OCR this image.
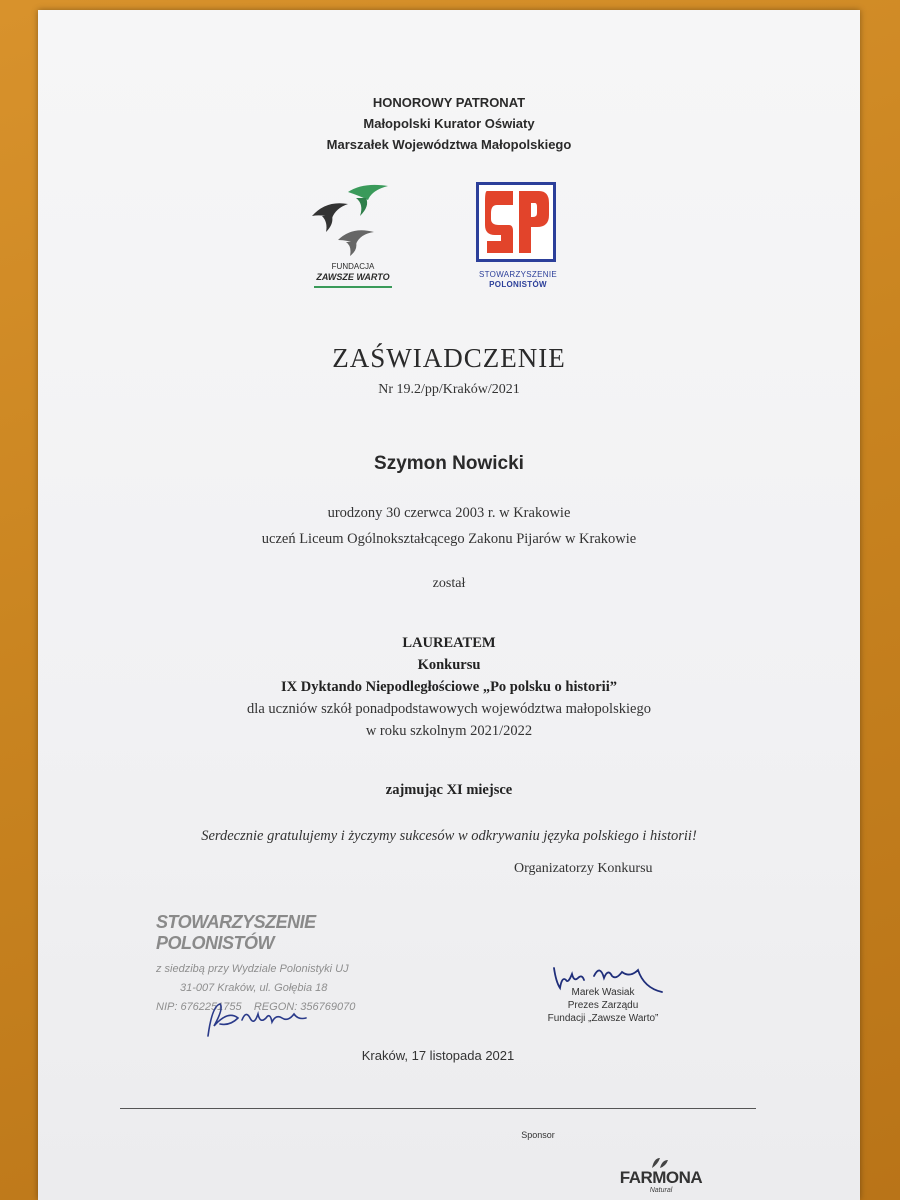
HONOROWY PATRONAT
Małopolski Kurator Oświaty
Marszałek Województwa Małopolskiego
FUNDACJA
ZAWSZE WARTO	STOWARZYSZENIE
POLONISTÓW
ZAŚWIADCZENIE
Nr 19.2/pp/Kraków/2021
Szymon Nowicki
urodzony 30 czerwca 2003 r. w Krakowie
uczeń Liceum Ogólnokształcącego Zakonu Pijarów w Krakowie
został
LAUREATEM
Konkursu
IX Dyktando Niepodległościowe „Po polsku o historii”
dla uczniów szkół ponadpodstawowych województwa małopolskiego
w roku szkolnym 2021/2022
zajmując XI miejsce
Serdecznie gratulujemy i życzymy sukcesów w odkrywaniu języka polskiego i historii!
Organizatorzy Konkursu
STOWARZYSZENIE POLONISTÓW
z siedzibą przy Wydziale Polonistyki UJ
31-007 Kraków, ul. Gołębia 18
NIP: 6762251755    REGON: 356769070
Marek Wasiak
Prezes Zarządu
Fundacji „Zawsze Warto”
Kraków, 17 listopada 2021
Sponsor
FARMONA
Natural
